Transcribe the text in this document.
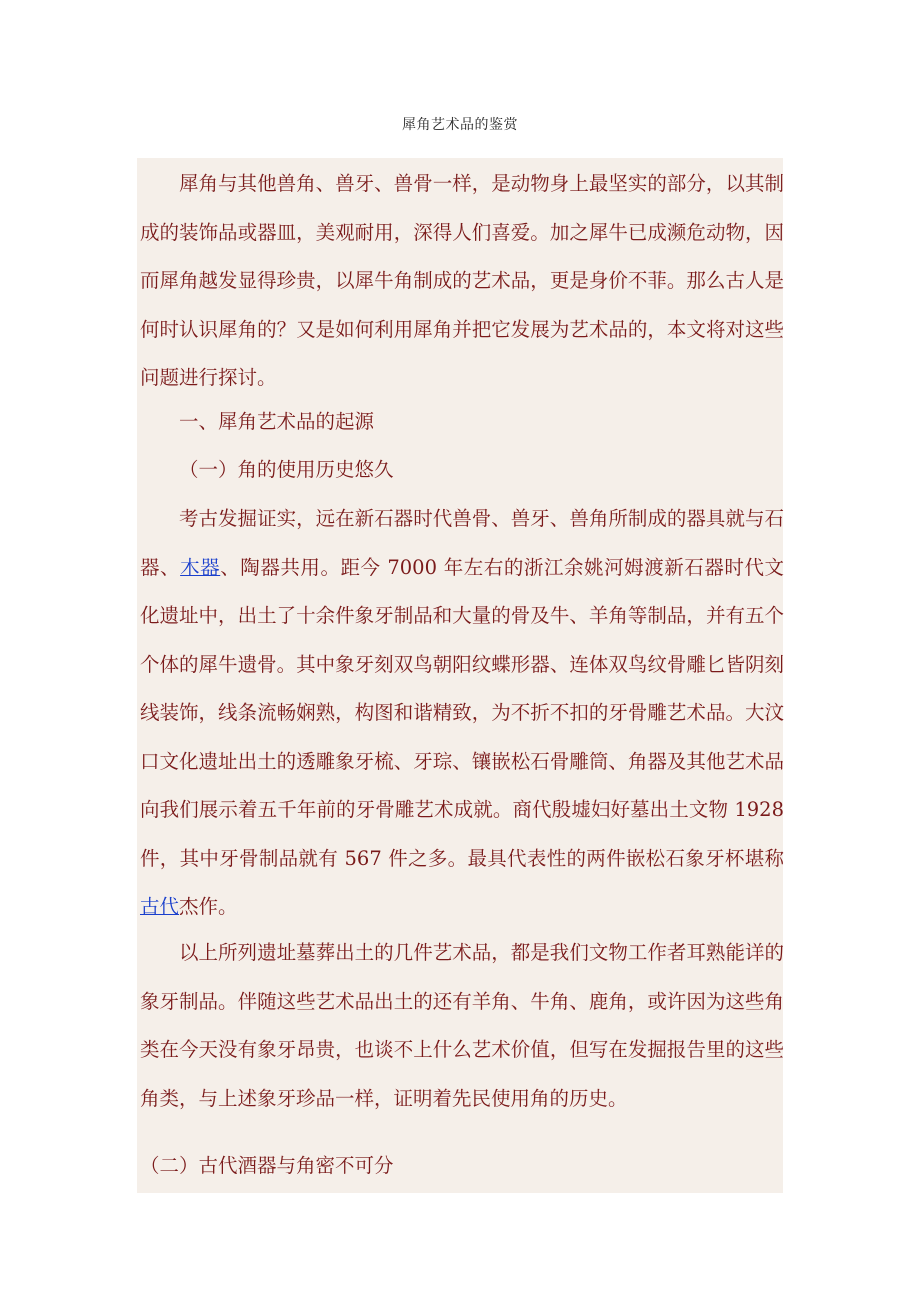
犀角艺术品的鉴赏

犀角与其他兽角、兽牙、兽骨一样，是动物身上最坚实的部分，以其制成的装饰品或器皿，美观耐用，深得人们喜爱。加之犀牛已成濒危动物，因而犀角越发显得珍贵，以犀牛角制成的艺术品，更是身价不菲。那么古人是何时认识犀角的？又是如何利用犀角并把它发展为艺术品的，本文将对这些问题进行探讨。

一、犀角艺术品的起源

（一）角的使用历史悠久

考古发掘证实，远在新石器时代兽骨、兽牙、兽角所制成的器具就与石器、木器、陶器共用。距今 7000 年左右的浙江余姚河姆渡新石器时代文化遗址中，出土了十余件象牙制品和大量的骨及牛、羊角等制品，并有五个个体的犀牛遗骨。其中象牙刻双鸟朝阳纹蝶形器、连体双鸟纹骨雕匕皆阴刻线装饰，线条流畅娴熟，构图和谐精致，为不折不扣的牙骨雕艺术品。大汶口文化遗址出土的透雕象牙梳、牙琮、镶嵌松石骨雕筒、角器及其他艺术品向我们展示着五千年前的牙骨雕艺术成就。商代殷墟妇好墓出土文物 1928 件，其中牙骨制品就有 567 件之多。最具代表性的两件嵌松石象牙杯堪称古代杰作。

以上所列遗址墓葬出土的几件艺术品，都是我们文物工作者耳熟能详的象牙制品。伴随这些艺术品出土的还有羊角、牛角、鹿角，或许因为这些角类在今天没有象牙昂贵，也谈不上什么艺术价值，但写在发掘报告里的这些角类，与上述象牙珍品一样，证明着先民使用角的历史。

（二）古代酒器与角密不可分
